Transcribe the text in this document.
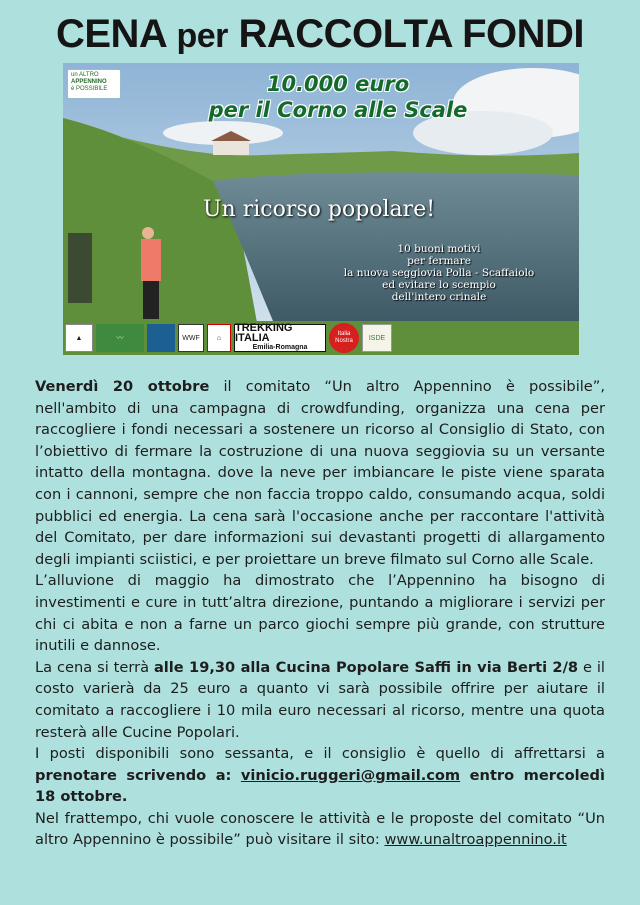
CENA per RACCOLTA FONDI
un ALTRO
APPENNINO
è POSSIBILE	10.000 euro
per il Corno alle Scale
Un ricorso popolare!
10 buoni motivi
per fermare
la nuova seggiovia Polla - Scaffaiolo
ed evitare lo scempio
dell'intero crinale
▲	〰	WWF	⌂
TREKKING ITALIA
Emilia-Romagna
Italia Nostra	ISDE

Venerdì 20 ottobre il comitato “Un altro Appennino è possibile”, nell'ambito di una campagna di crowdfunding, organizza una cena per raccogliere i fondi necessari a sostenere un ricorso al Consiglio di Stato, con l’obiettivo di fermare la costruzione di una nuova seggiovia su un versante intatto della montagna. dove la neve per imbiancare le piste viene sparata con i cannoni, sempre che non faccia troppo caldo, consumando acqua, soldi pubblici ed energia. La cena sarà l'occasione anche per raccontare l'attività del Comitato, per dare informazioni sui devastanti progetti di allargamento degli impianti sciistici, e per proiettare un breve filmato sul Corno alle Scale.

L’alluvione di maggio ha dimostrato che l’Appennino ha bisogno di investimenti e cure in tutt’altra direzione, puntando a migliorare i servizi per chi ci abita e non a farne un parco giochi sempre più grande, con strutture inutili e dannose.

La cena si terrà alle 19,30 alla Cucina Popolare Saffi in via Berti 2/8 e il costo varierà da 25 euro a quanto vi sarà possibile offrire per aiutare il comitato a raccogliere i 10 mila euro necessari al ricorso, mentre una quota resterà alle Cucine Popolari.

I posti disponibili sono sessanta, e il consiglio è quello di affrettarsi a prenotare scrivendo a: vinicio.ruggeri@gmail.com entro mercoledì 18 ottobre.

Nel frattempo, chi vuole conoscere le attività e le proposte del comitato “Un altro Appennino è possibile” può visitare il sito: www.unaltroappennino.it
